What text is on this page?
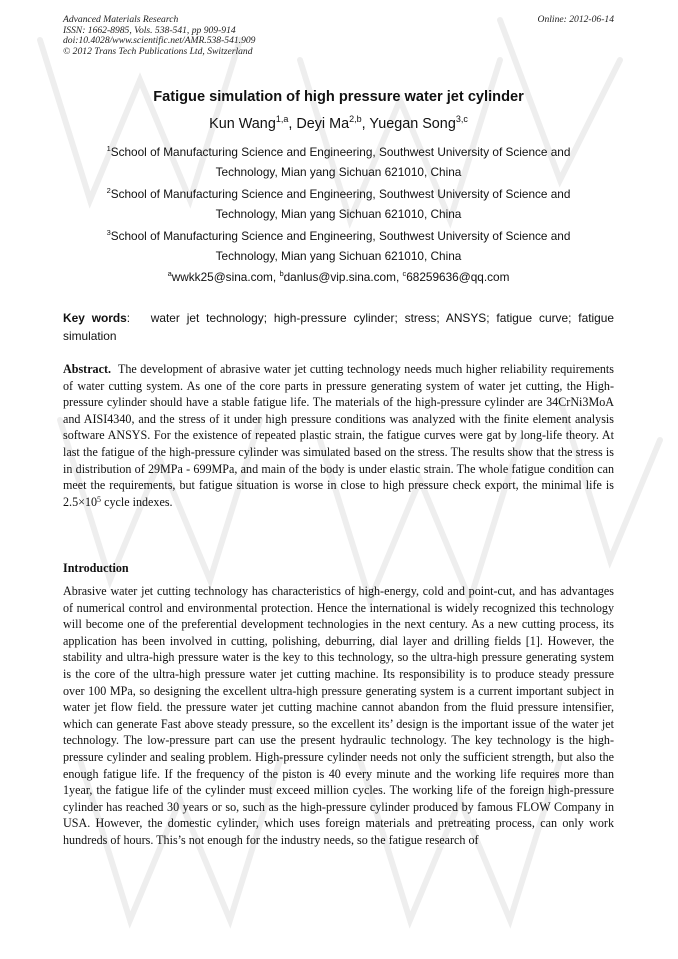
Advanced Materials Research
ISSN: 1662-8985, Vols. 538-541, pp 909-914
doi:10.4028/www.scientific.net/AMR.538-541.909
© 2012 Trans Tech Publications Ltd, Switzerland
Online: 2012-06-14
Fatigue simulation of high pressure water jet cylinder
Kun Wang$^{1,a}$, Deyi Ma$^{2,b}$, Yuegan Song$^{3,c}$
$^1$School of Manufacturing Science and Engineering, Southwest University of Science and
Technology, Mian yang Sichuan 621010, China
$^2$School of Manufacturing Science and Engineering, Southwest University of Science and
Technology, Mian yang Sichuan 621010, China
$^3$School of Manufacturing Science and Engineering, Southwest University of Science and
Technology, Mian yang Sichuan 621010, China
$^a$wwkk25@sina.com, $^b$danlus@vip.sina.com, $^c$68259636@qq.com
Key words: water jet technology; high-pressure cylinder; stress; ANSYS; fatigue curve; fatigue simulation
Abstract. The development of abrasive water jet cutting technology needs much higher reliability requirements of water cutting system. As one of the core parts in pressure generating system of water jet cutting, the High-pressure cylinder should have a stable fatigue life. The materials of the high-pressure cylinder are 34CrNi3MoA and AISI4340, and the stress of it under high pressure conditions was analyzed with the finite element analysis software ANSYS. For the existence of repeated plastic strain, the fatigue curves were gat by long-life theory. At last the fatigue of the high-pressure cylinder was simulated based on the stress. The results show that the stress is in distribution of 29MPa - 699MPa, and main of the body is under elastic strain. The whole fatigue condition can meet the requirements, but fatigue situation is worse in close to high pressure check export, the minimal life is $2.5\times 10^5$ cycle indexes.
Introduction
Abrasive water jet cutting technology has characteristics of high-energy, cold and point-cut, and has advantages of numerical control and environmental protection. Hence the international is widely recognized this technology will become one of the preferential development technologies in the next century. As a new cutting process, its application has been involved in cutting, polishing, deburring, dial layer and drilling fields [1]. However, the stability and ultra-high pressure water is the key to this technology, so the ultra-high pressure generating system is the core of the ultra-high pressure water jet cutting machine. Its responsibility is to produce steady pressure over 100 MPa, so designing the excellent ultra-high pressure generating system is a current important subject in water jet flow field. the pressure water jet cutting machine cannot abandon from the fluid pressure intensifier, which can generate Fast above steady pressure, so the excellent its’ design is the important issue of the water jet technology. The low-pressure part can use the present hydraulic technology. The key technology is the high-pressure cylinder and sealing problem. High-pressure cylinder needs not only the sufficient strength, but also the enough fatigue life. If the frequency of the piston is 40 every minute and the working life requires more than 1year, the fatigue life of the cylinder must exceed million cycles. The working life of the foreign high-pressure cylinder has reached 30 years or so, such as the high-pressure cylinder produced by famous FLOW Company in USA. However, the domestic cylinder, which uses foreign materials and pretreating process, can only work hundreds of hours. This’s not enough for the industry needs, so the fatigue research of
